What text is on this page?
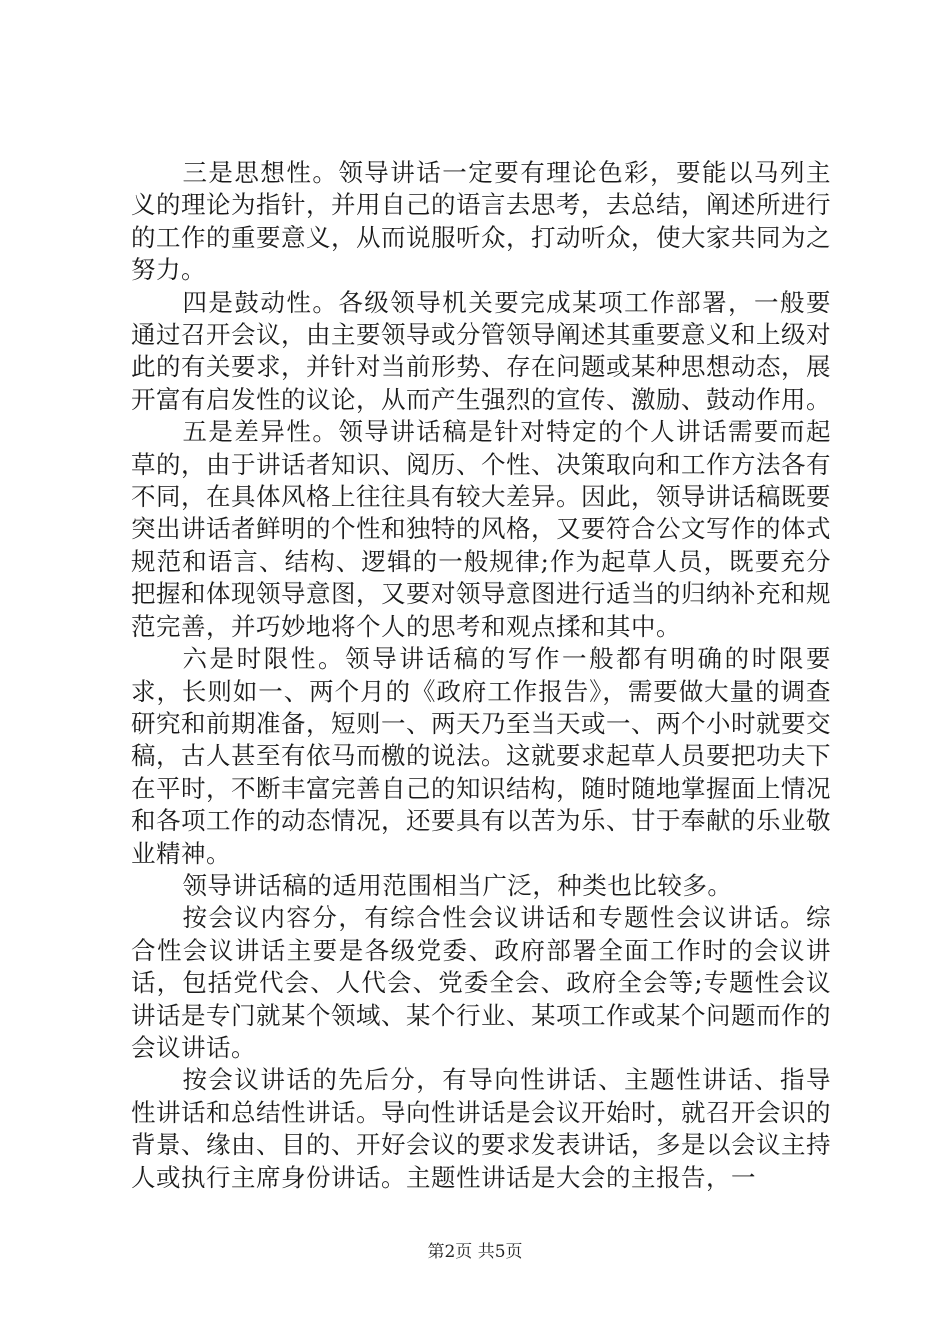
三是思想性。领导讲话一定要有理论色彩，要能以马列主义的理论为指针，并用自己的语言去思考，去总结，阐述所进行的工作的重要意义，从而说服听众，打动听众，使大家共同为之努力。

四是鼓动性。各级领导机关要完成某项工作部署，一般要通过召开会议，由主要领导或分管领导阐述其重要意义和上级对此的有关要求，并针对当前形势、存在问题或某种思想动态，展开富有启发性的议论，从而产生强烈的宣传、激励、鼓动作用。

五是差异性。领导讲话稿是针对特定的个人讲话需要而起草的，由于讲话者知识、阅历、个性、决策取向和工作方法各有不同，在具体风格上往往具有较大差异。因此，领导讲话稿既要突出讲话者鲜明的个性和独特的风格，又要符合公文写作的体式规范和语言、结构、逻辑的一般规律;作为起草人员，既要充分把握和体现领导意图，又要对领导意图进行适当的归纳补充和规范完善，并巧妙地将个人的思考和观点揉和其中。

六是时限性。领导讲话稿的写作一般都有明确的时限要求，长则如一、两个月的《政府工作报告》，需要做大量的调查研究和前期准备，短则一、两天乃至当天或一、两个小时就要交稿，古人甚至有依马而檄的说法。这就要求起草人员要把功夫下在平时，不断丰富完善自己的知识结构，随时随地掌握面上情况和各项工作的动态情况，还要具有以苦为乐、甘于奉献的乐业敬业精神。

领导讲话稿的适用范围相当广泛，种类也比较多。

按会议内容分，有综合性会议讲话和专题性会议讲话。综合性会议讲话主要是各级党委、政府部署全面工作时的会议讲话，包括党代会、人代会、党委全会、政府全会等;专题性会议讲话是专门就某个领域、某个行业、某项工作或某个问题而作的会议讲话。

按会议讲话的先后分，有导向性讲话、主题性讲话、指导性讲话和总结性讲话。导向性讲话是会议开始时，就召开会识的背景、缘由、目的、开好会议的要求发表讲话，多是以会议主持人或执行主席身份讲话。主题性讲话是大会的主报告，一

第2页 共5页
